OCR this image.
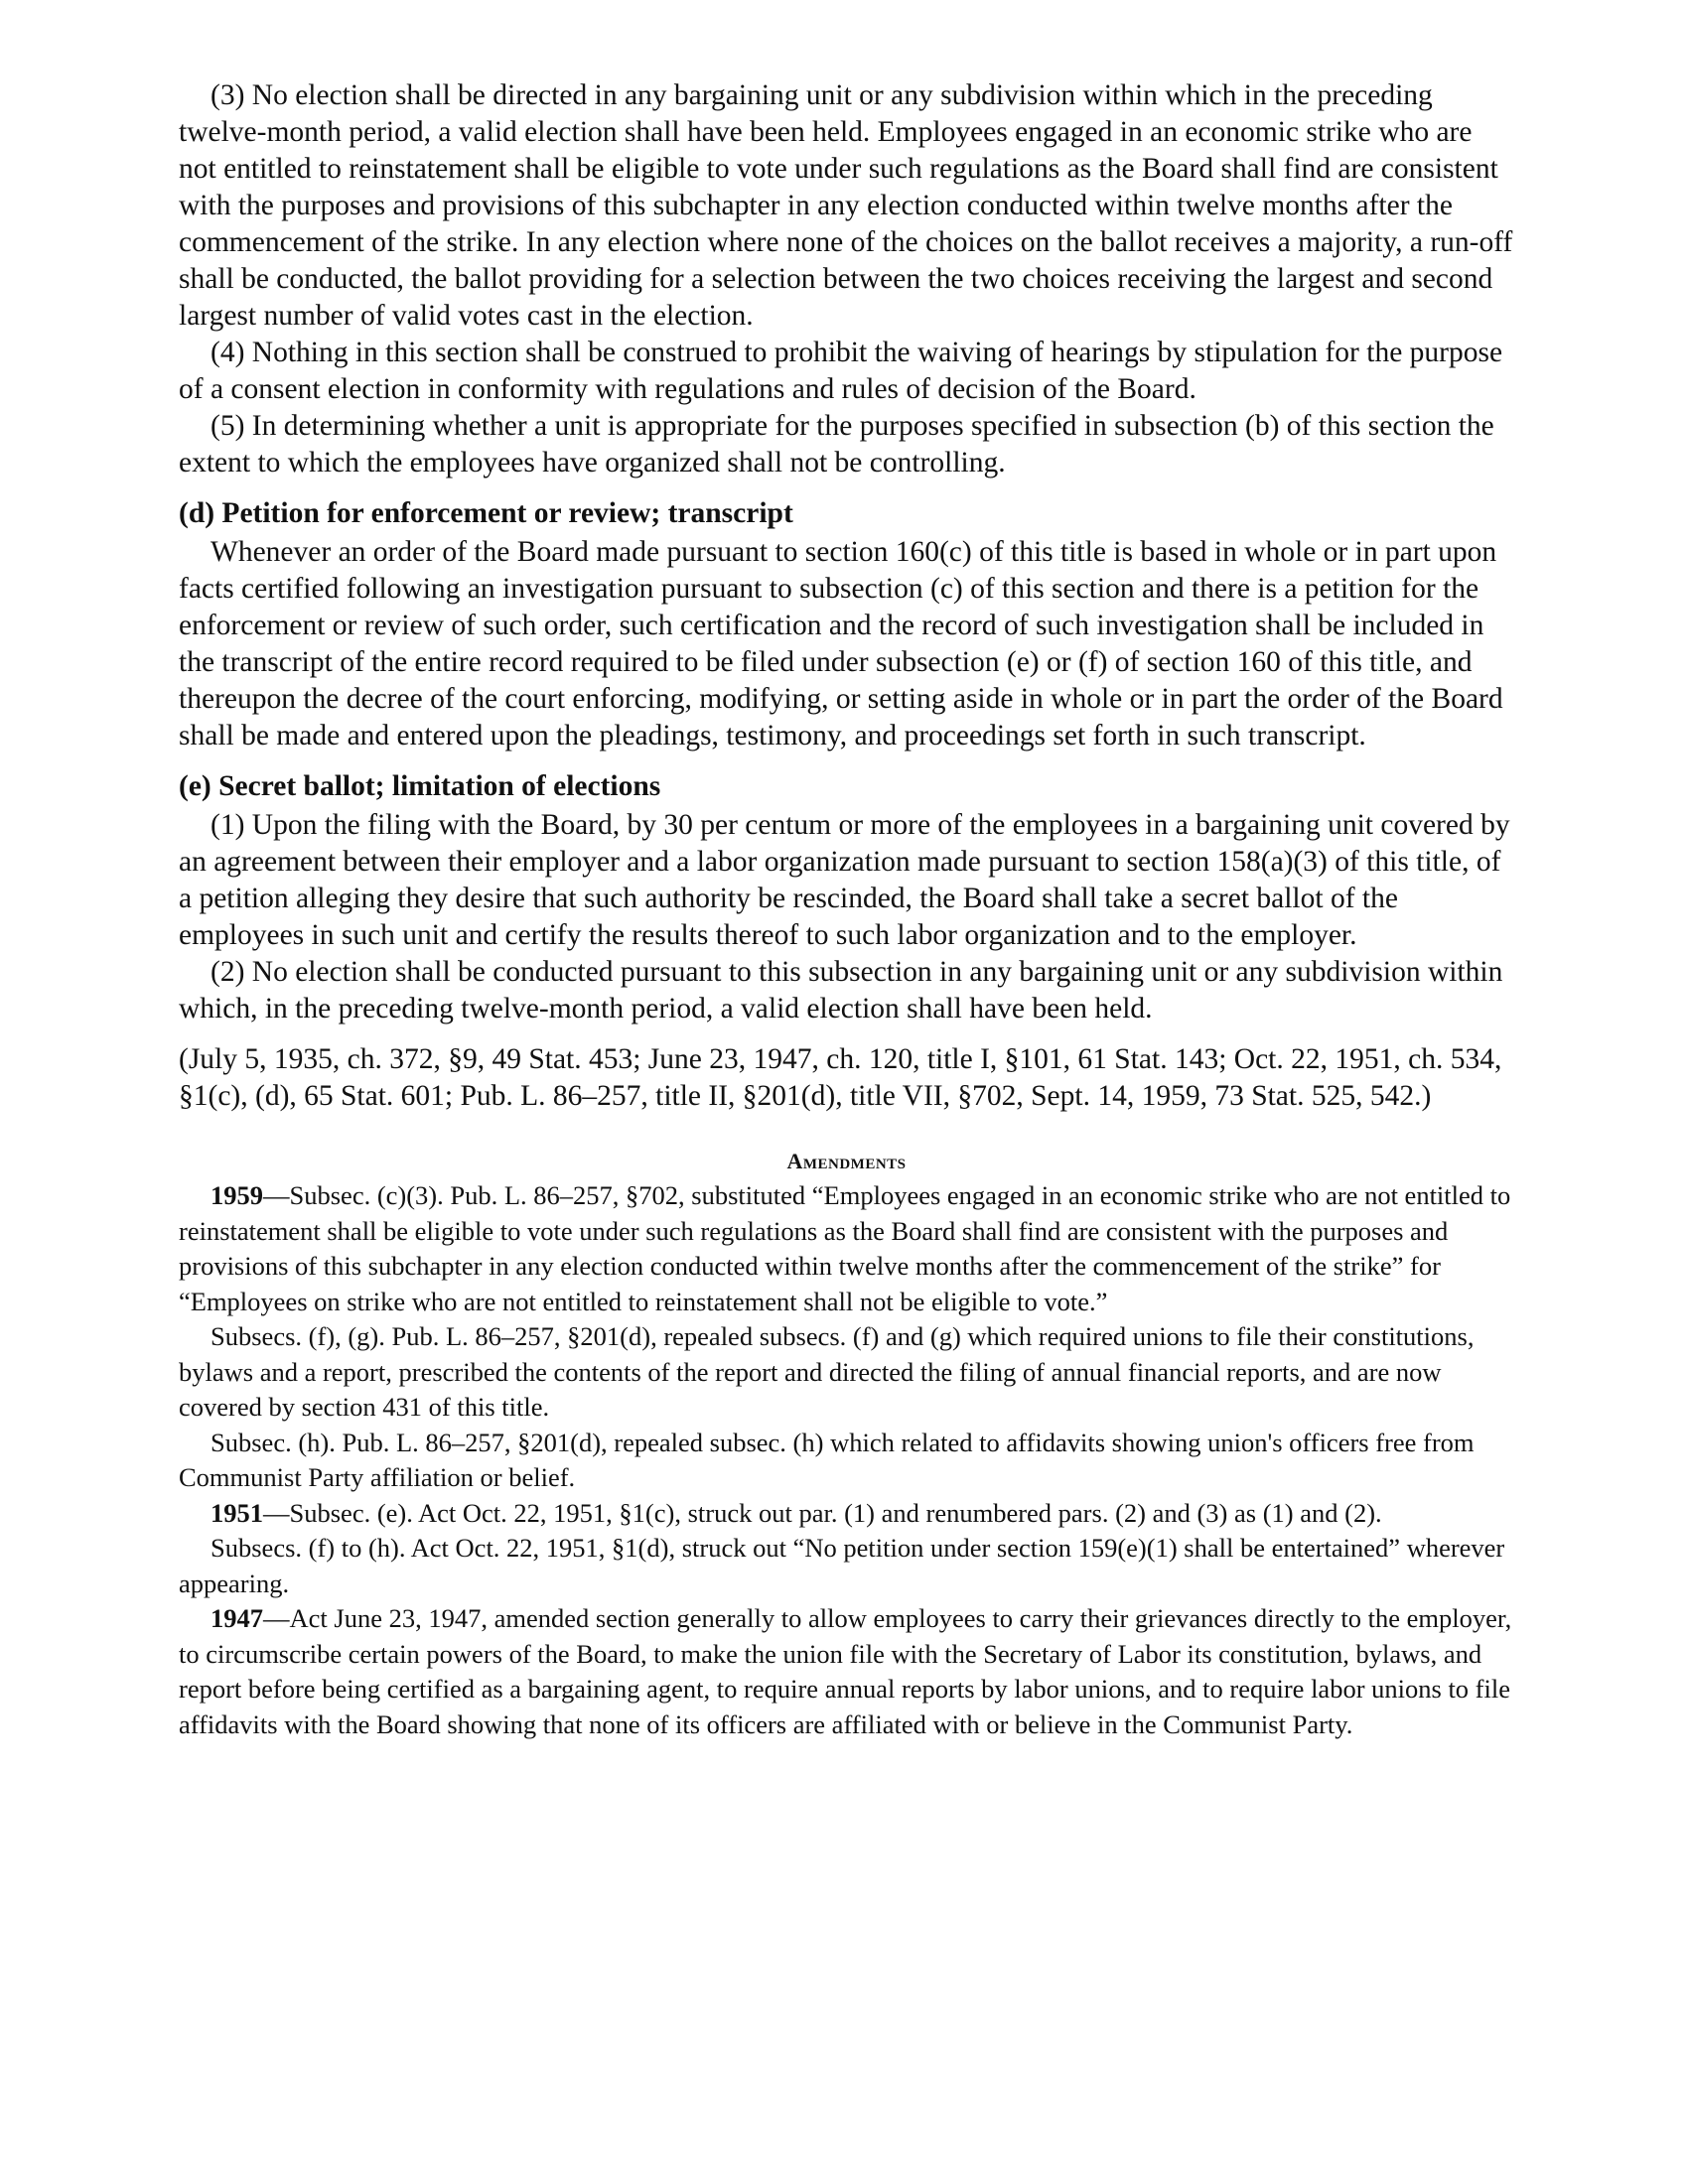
(3) No election shall be directed in any bargaining unit or any subdivision within which in the preceding twelve-month period, a valid election shall have been held. Employees engaged in an economic strike who are not entitled to reinstatement shall be eligible to vote under such regulations as the Board shall find are consistent with the purposes and provisions of this subchapter in any election conducted within twelve months after the commencement of the strike. In any election where none of the choices on the ballot receives a majority, a run-off shall be conducted, the ballot providing for a selection between the two choices receiving the largest and second largest number of valid votes cast in the election.

(4) Nothing in this section shall be construed to prohibit the waiving of hearings by stipulation for the purpose of a consent election in conformity with regulations and rules of decision of the Board.

(5) In determining whether a unit is appropriate for the purposes specified in subsection (b) of this section the extent to which the employees have organized shall not be controlling.

(d) Petition for enforcement or review; transcript

Whenever an order of the Board made pursuant to section 160(c) of this title is based in whole or in part upon facts certified following an investigation pursuant to subsection (c) of this section and there is a petition for the enforcement or review of such order, such certification and the record of such investigation shall be included in the transcript of the entire record required to be filed under subsection (e) or (f) of section 160 of this title, and thereupon the decree of the court enforcing, modifying, or setting aside in whole or in part the order of the Board shall be made and entered upon the pleadings, testimony, and proceedings set forth in such transcript.

(e) Secret ballot; limitation of elections

(1) Upon the filing with the Board, by 30 per centum or more of the employees in a bargaining unit covered by an agreement between their employer and a labor organization made pursuant to section 158(a)(3) of this title, of a petition alleging they desire that such authority be rescinded, the Board shall take a secret ballot of the employees in such unit and certify the results thereof to such labor organization and to the employer.

(2) No election shall be conducted pursuant to this subsection in any bargaining unit or any subdivision within which, in the preceding twelve-month period, a valid election shall have been held.

(July 5, 1935, ch. 372, §9, 49 Stat. 453; June 23, 1947, ch. 120, title I, §101, 61 Stat. 143; Oct. 22, 1951, ch. 534, §1(c), (d), 65 Stat. 601; Pub. L. 86–257, title II, §201(d), title VII, §702, Sept. 14, 1959, 73 Stat. 525, 542.)
Amendments

1959—Subsec. (c)(3). Pub. L. 86–257, §702, substituted “Employees engaged in an economic strike who are not entitled to reinstatement shall be eligible to vote under such regulations as the Board shall find are consistent with the purposes and provisions of this subchapter in any election conducted within twelve months after the commencement of the strike” for “Employees on strike who are not entitled to reinstatement shall not be eligible to vote.”

Subsecs. (f), (g). Pub. L. 86–257, §201(d), repealed subsecs. (f) and (g) which required unions to file their constitutions, bylaws and a report, prescribed the contents of the report and directed the filing of annual financial reports, and are now covered by section 431 of this title.

Subsec. (h). Pub. L. 86–257, §201(d), repealed subsec. (h) which related to affidavits showing union's officers free from Communist Party affiliation or belief.

1951—Subsec. (e). Act Oct. 22, 1951, §1(c), struck out par. (1) and renumbered pars. (2) and (3) as (1) and (2).

Subsecs. (f) to (h). Act Oct. 22, 1951, §1(d), struck out “No petition under section 159(e)(1) shall be entertained” wherever appearing.

1947—Act June 23, 1947, amended section generally to allow employees to carry their grievances directly to the employer, to circumscribe certain powers of the Board, to make the union file with the Secretary of Labor its constitution, bylaws, and report before being certified as a bargaining agent, to require annual reports by labor unions, and to require labor unions to file affidavits with the Board showing that none of its officers are affiliated with or believe in the Communist Party.
